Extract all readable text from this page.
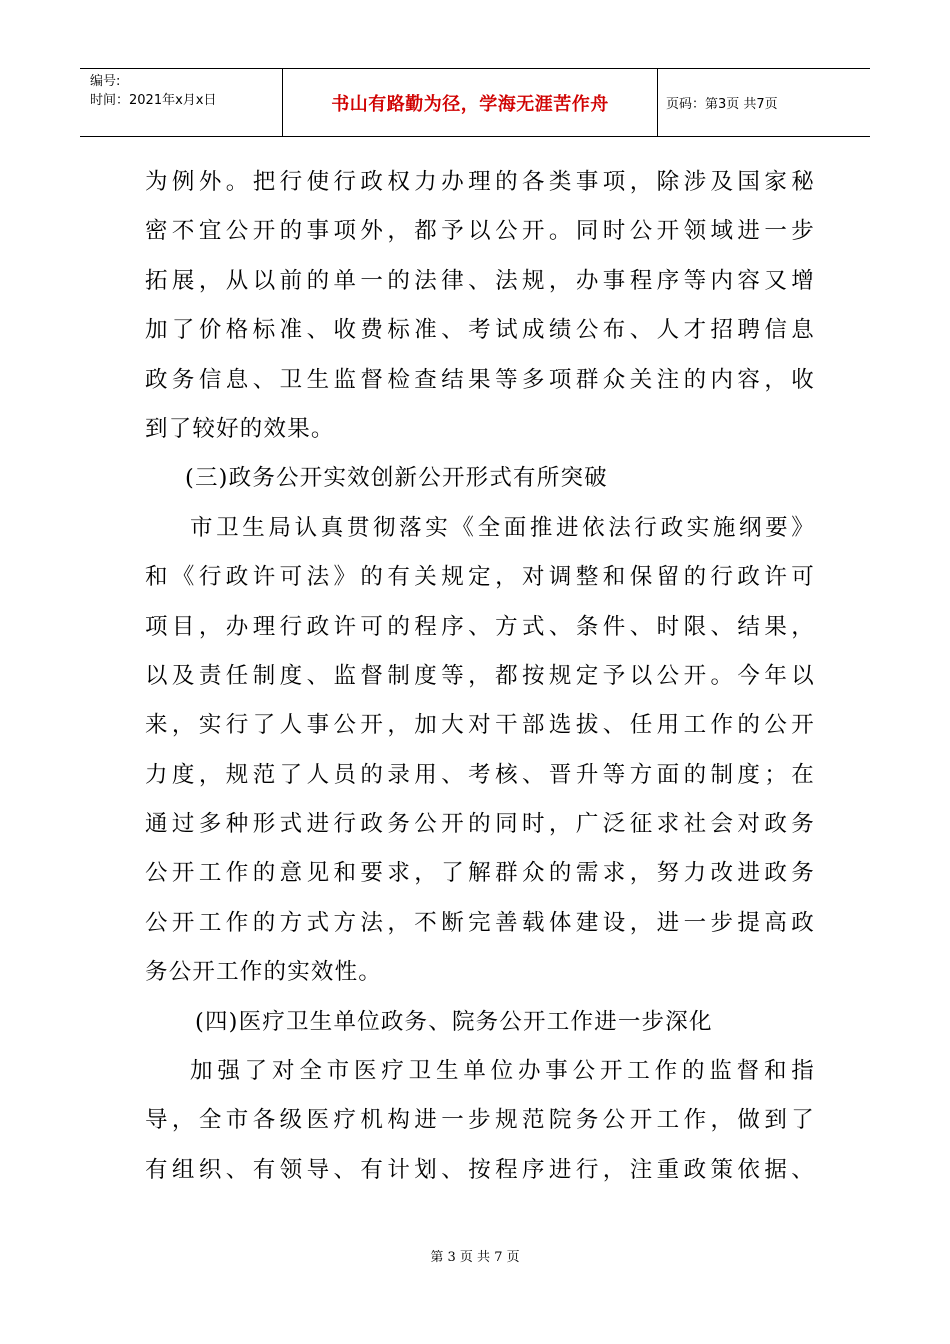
编号:
时间：2021年x月x日	书山有路勤为径，学海无涯苦作舟	页码：第3页 共7页
为例外。把行使行政权力办理的各类事项，除涉及国家秘
密不宜公开的事项外，都予以公开。同时公开领域进一步
拓展，从以前的单一的法律、法规，办事程序等内容又增
加了价格标准、收费标准、考试成绩公布、人才招聘信息
政务信息、卫生监督检查结果等多项群众关注的内容，收
到了较好的效果。
(三)政务公开实效创新公开形式有所突破
市卫生局认真贯彻落实《全面推进依法行政实施纲要》
和《行政许可法》的有关规定，对调整和保留的行政许可
项目，办理行政许可的程序、方式、条件、时限、结果，
以及责任制度、监督制度等，都按规定予以公开。今年以
来，实行了人事公开，加大对干部选拔、任用工作的公开
力度，规范了人员的录用、考核、晋升等方面的制度；在
通过多种形式进行政务公开的同时，广泛征求社会对政务
公开工作的意见和要求，了解群众的需求，努力改进政务
公开工作的方式方法，不断完善载体建设，进一步提高政
务公开工作的实效性。
(四)医疗卫生单位政务、院务公开工作进一步深化
加强了对全市医疗卫生单位办事公开工作的监督和指
导，全市各级医疗机构进一步规范院务公开工作，做到了
有组织、有领导、有计划、按程序进行，注重政策依据、
第 3 页 共 7 页
